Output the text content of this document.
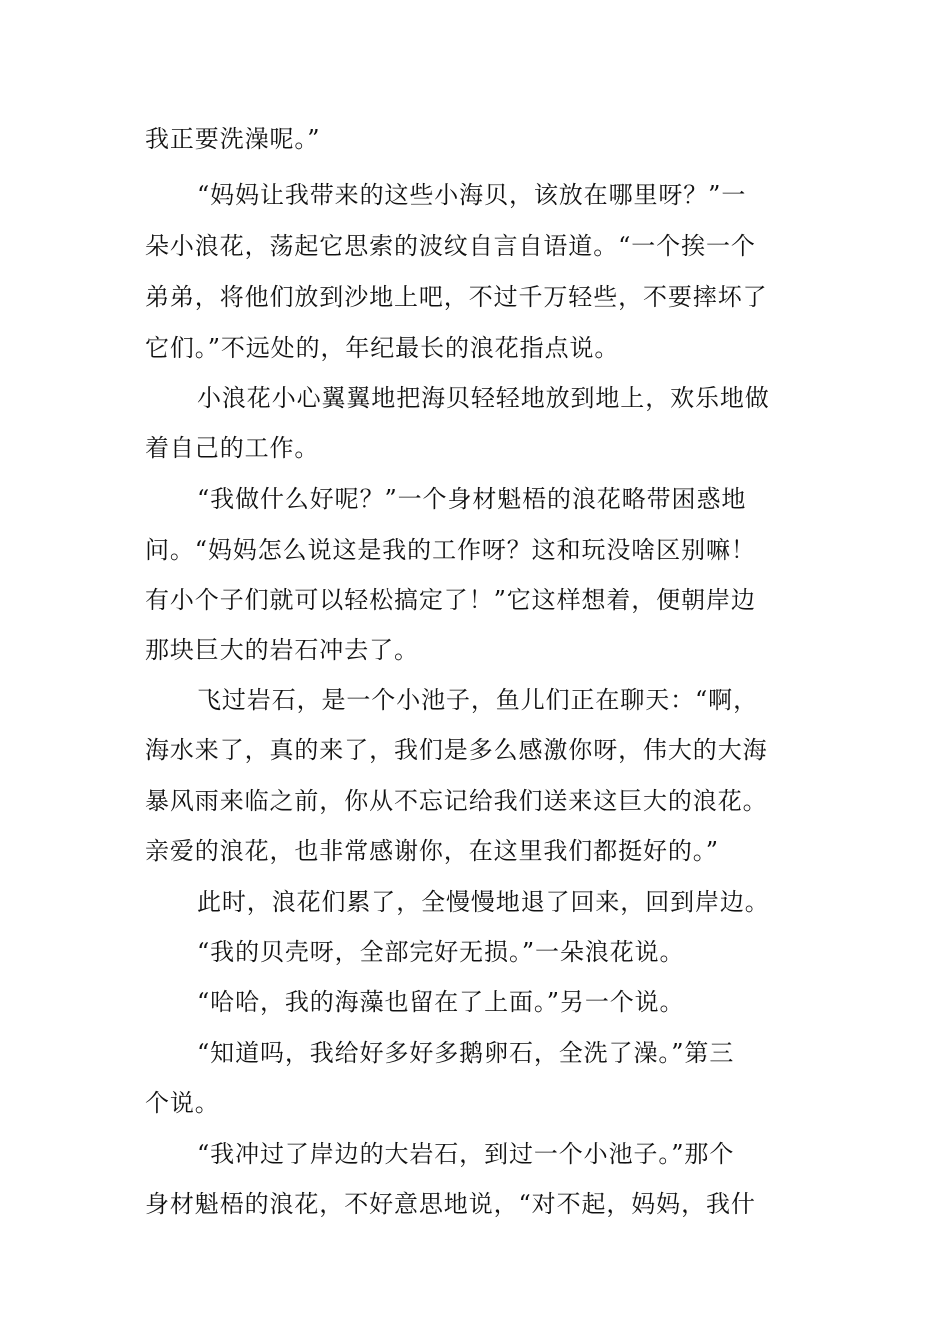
我正要洗澡呢。”
“妈妈让我带来的这些小海贝，该放在哪里呀？”一
朵小浪花，荡起它思索的波纹自言自语道。“一个挨一个
弟弟，将他们放到沙地上吧，不过千万轻些，不要摔坏了
它们。”不远处的，年纪最长的浪花指点说。
小浪花小心翼翼地把海贝轻轻地放到地上，欢乐地做
着自己的工作。
“我做什么好呢？”一个身材魁梧的浪花略带困惑地
问。“妈妈怎么说这是我的工作呀？这和玩没啥区别嘛！
有小个子们就可以轻松搞定了！”它这样想着，便朝岸边
那块巨大的岩石冲去了。
飞过岩石，是一个小池子，鱼儿们正在聊天：“啊，
海水来了，真的来了，我们是多么感激你呀，伟大的大海
暴风雨来临之前，你从不忘记给我们送来这巨大的浪花。
亲爱的浪花，也非常感谢你，在这里我们都挺好的。”
此时，浪花们累了，全慢慢地退了回来，回到岸边。
“我的贝壳呀，全部完好无损。”一朵浪花说。
“哈哈，我的海藻也留在了上面。”另一个说。
“知道吗，我给好多好多鹅卵石，全洗了澡。”第三
个说。
“我冲过了岸边的大岩石，到过一个小池子。”那个
身材魁梧的浪花，不好意思地说，“对不起，妈妈，我什
